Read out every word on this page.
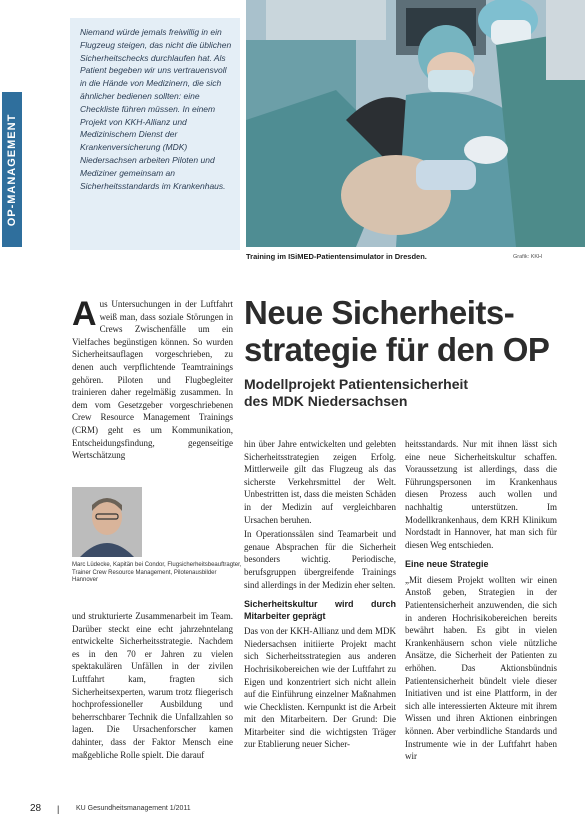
OP-MANAGEMENT

Niemand würde jemals freiwillig in ein Flugzeug steigen, das nicht die üblichen Sicherheitschecks durchlaufen hat. Als Patient begeben wir uns vertrauensvoll in die Hände von Medizinern, die sich ähnlicher bedienen sollten: eine Checkliste führen müssen. In einem Projekt von KKH-Allianz und Medizinischem Dienst der Krankenversicherung (MDK) Niedersachsen arbeiten Piloten und Mediziner gemeinsam an Sicherheitsstandards im Krankenhaus.

Training im ISiMED-Patientensimulator in Dresden.	Grafik: KKH
Neue Sicherheits-
strategie für den OP
Modellprojekt Patientensicherheit
des MDK Niedersachsen
A us Untersuchungen in der Luftfahrt weiß man, dass soziale Störungen in Crews Zwischenfälle um ein Vielfaches begünstigen können. So wurden Sicherheitsauflagen vorgeschrieben, zu denen auch verpflichtende Teamtrainings gehören. Piloten und Flugbegleiter trainieren daher regelmäßig zusammen. In dem vom Gesetzgeber vorgeschriebenen Crew Resource Management Trainings (CRM) geht es um Kommunikation, Entscheidungsfindung, gegenseitige Wertschätzung

Marc Lüdecke, Kapitän bei Condor, Flugsicherheitsbeauftragter, Trainer Crew Resource Management, Pilotenausbilder Hannover

und strukturierte Zusammenarbeit im Team. Darüber steckt eine echt jahrzehntelang entwickelte Sicherheitsstrategie. Nachdem es in den 70 er Jahren zu vielen spektakulären Unfällen in der zivilen Luftfahrt kam, fragten sich Sicherheitsexperten, warum trotz fliegerisch hochprofessioneller Ausbildung und beherrschbarer Technik die Unfallzahlen so lagen. Die Ursachenforscher kamen dahinter, dass der Faktor Mensch eine maßgebliche Rolle spielt. Die darauf

hin über Jahre entwickelten und gelebten Sicherheitsstrategien zeigen Erfolg. Mittlerweile gilt das Flugzeug als das sicherste Verkehrsmittel der Welt. Unbestritten ist, dass die meisten Schäden in der Medizin auf vergleichbaren Ursachen beruhen.

In Operationssälen sind Teamarbeit und genaue Absprachen für die Sicherheit besonders wichtig. Periodische, berufsgruppen übergreifende Trainings sind allerdings in der Medizin eher selten.

Sicherheitskultur wird durch Mitarbeiter geprägt

Das von der KKH-Allianz und dem MDK Niedersachsen initiierte Projekt macht sich Sicherheitsstrategien aus anderen Hochrisikobereichen wie der Luftfahrt zu Eigen und konzentriert sich nicht allein auf die Einführung einzelner Maßnahmen wie Checklisten. Kernpunkt ist die Arbeit mit den Mitarbeitern. Der Grund: Die Mitarbeiter sind die wichtigsten Träger zur Etablierung neuer Sicher-

heitsstandards. Nur mit ihnen lässt sich eine neue Sicherheitskultur schaffen. Voraussetzung ist allerdings, dass die Führungspersonen im Krankenhaus diesen Prozess auch wollen und nachhaltig unterstützen. Im Modellkrankenhaus, dem KRH Klinikum Nordstadt in Hannover, hat man sich für diesen Weg entschieden.

Eine neue Strategie

„Mit diesem Projekt wollten wir einen Anstoß geben, Strategien in der Patientensicherheit anzuwenden, die sich in anderen Hochrisikobereichen bereits bewährt haben. Es gibt in vielen Krankenhäusern schon viele nützliche Ansätze, die Sicherheit der Patienten zu erhöhen. Das Aktionsbündnis Patientensicherheit bündelt viele dieser Initiativen und ist eine Plattform, in der sich alle interessierten Akteure mit ihrem Wissen und ihren Aktionen einbringen können. Aber verbindliche Standards und Instrumente wie in der Luftfahrt haben wir

28 | KU Gesundheitsmanagement 1/2011
